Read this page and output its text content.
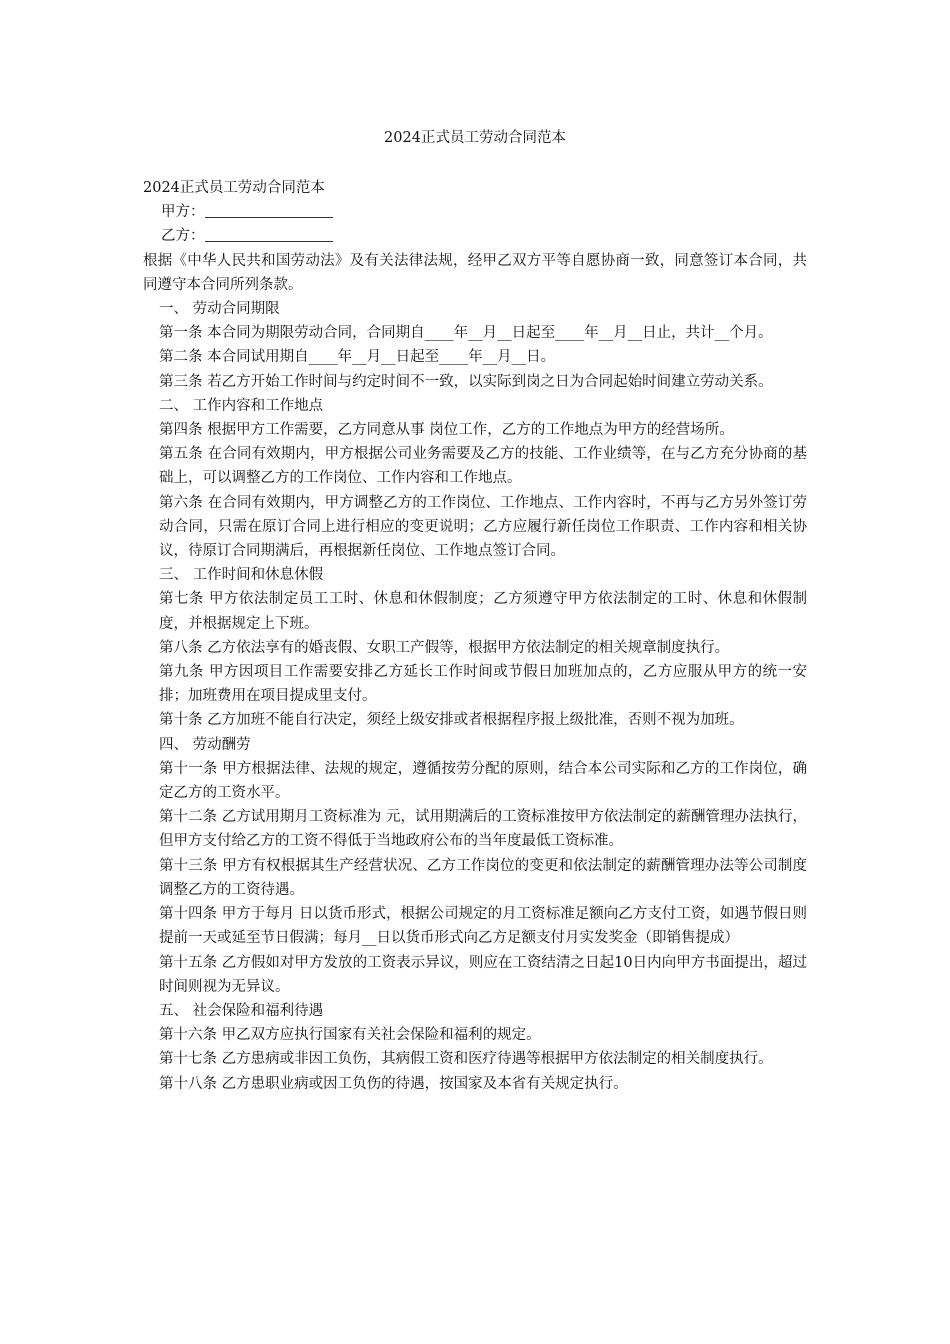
2024正式员工劳动合同范本

2024正式员工劳动合同范本

甲方：

乙方：

根据《中华人民共和国劳动法》及有关法律法规，经甲乙双方平等自愿协商一致，同意签订本合同，共同遵守本合同所列条款。

一、 劳动合同期限

第一条 本合同为期限劳动合同，合同期自____年__月__日起至____年__月__日止，共计__个月。

第二条 本合同试用期自____年__月__日起至____年__月__日。

第三条 若乙方开始工作时间与约定时间不一致，以实际到岗之日为合同起始时间建立劳动关系。

二、 工作内容和工作地点

第四条 根据甲方工作需要，乙方同意从事 岗位工作，乙方的工作地点为甲方的经营场所。

第五条 在合同有效期内，甲方根据公司业务需要及乙方的技能、工作业绩等，在与乙方充分协商的基础上，可以调整乙方的工作岗位、工作内容和工作地点。

第六条 在合同有效期内，甲方调整乙方的工作岗位、工作地点、工作内容时，不再与乙方另外签订劳动合同，只需在原订合同上进行相应的变更说明；乙方应履行新任岗位工作职责、工作内容和相关协议，待原订合同期满后，再根据新任岗位、工作地点签订合同。

三、 工作时间和休息休假

第七条 甲方依法制定员工工时、休息和休假制度；乙方须遵守甲方依法制定的工时、休息和休假制度，并根据规定上下班。

第八条 乙方依法享有的婚丧假、女职工产假等，根据甲方依法制定的相关规章制度执行。

第九条 甲方因项目工作需要安排乙方延长工作时间或节假日加班加点的，乙方应服从甲方的统一安排；加班费用在项目提成里支付。

第十条 乙方加班不能自行决定，须经上级安排或者根据程序报上级批准，否则不视为加班。

四、 劳动酬劳

第十一条 甲方根据法律、法规的规定，遵循按劳分配的原则，结合本公司实际和乙方的工作岗位，确定乙方的工资水平。

第十二条 乙方试用期月工资标准为 元，试用期满后的工资标准按甲方依法制定的薪酬管理办法执行，但甲方支付给乙方的工资不得低于当地政府公布的当年度最低工资标准。

第十三条 甲方有权根据其生产经营状况、乙方工作岗位的变更和依法制定的薪酬管理办法等公司制度调整乙方的工资待遇。

第十四条 甲方于每月 日以货币形式，根据公司规定的月工资标准足额向乙方支付工资，如遇节假日则提前一天或延至节日假满；每月__日以货币形式向乙方足额支付月实发奖金（即销售提成）

第十五条 乙方假如对甲方发放的工资表示异议，则应在工资结清之日起10日内向甲方书面提出，超过时间则视为无异议。

五、 社会保险和福利待遇

第十六条 甲乙双方应执行国家有关社会保险和福利的规定。

第十七条 乙方患病或非因工负伤，其病假工资和医疗待遇等根据甲方依法制定的相关制度执行。

第十八条 乙方患职业病或因工负伤的待遇，按国家及本省有关规定执行。
